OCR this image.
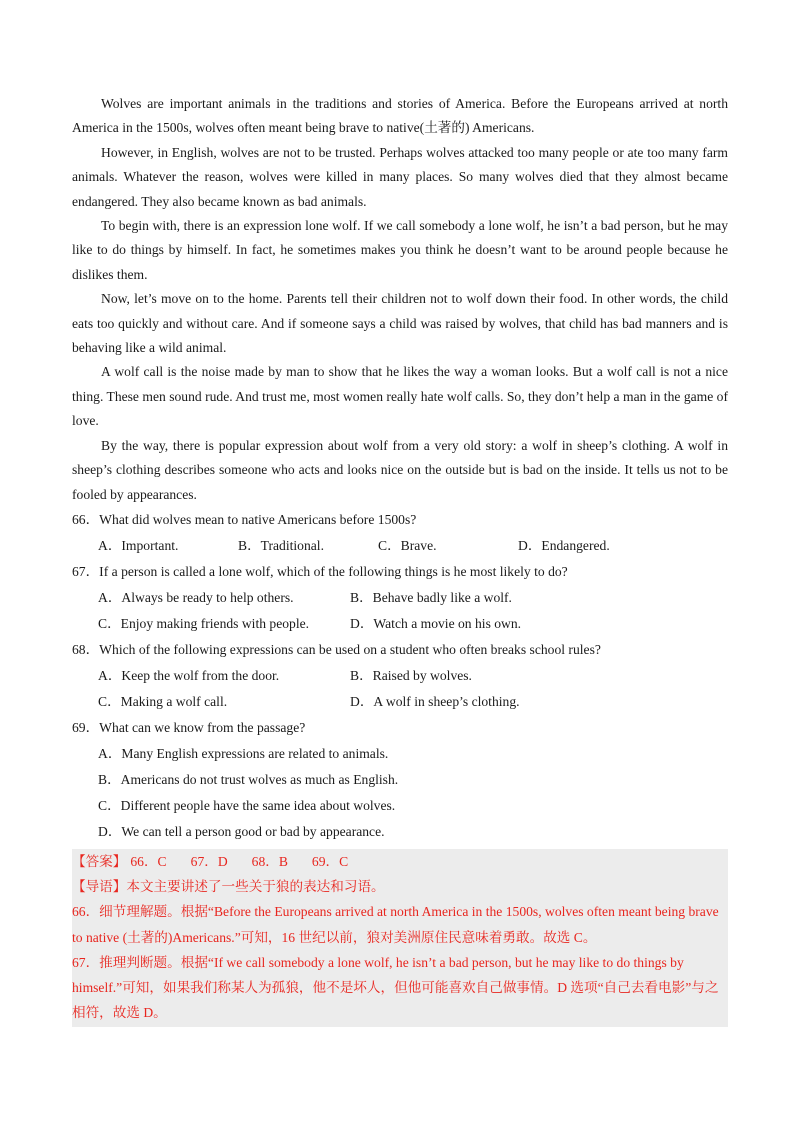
Wolves are important animals in the traditions and stories of America. Before the Europeans arrived at north America in the 1500s, wolves often meant being brave to native(土著的) Americans.

However, in English, wolves are not to be trusted. Perhaps wolves attacked too many people or ate too many farm animals. Whatever the reason, wolves were killed in many places. So many wolves died that they almost became endangered. They also became known as bad animals.

To begin with, there is an expression lone wolf. If we call somebody a lone wolf, he isn’t a bad person, but he may like to do things by himself. In fact, he sometimes makes you think he doesn’t want to be around people because he dislikes them.

Now, let’s move on to the home. Parents tell their children not to wolf down their food. In other words, the child eats too quickly and without care. And if someone says a child was raised by wolves, that child has bad manners and is behaving like a wild animal.

A wolf call is the noise made by man to show that he likes the way a woman looks. But a wolf call is not a nice thing. These men sound rude. And trust me, most women really hate wolf calls. So, they don’t help a man in the game of love.

By the way, there is popular expression about wolf from a very old story: a wolf in sheep’s clothing. A wolf in sheep’s clothing describes someone who acts and looks nice on the outside but is bad on the inside. It tells us not to be fooled by appearances.

66．What did wolves mean to native Americans before 1500s?

A．Important.	B．Traditional.	C．Brave.	D．Endangered.

67．If a person is called a lone wolf, which of the following things is he most likely to do?

A．Always be ready to help others.	B．Behave badly like a wolf.
C．Enjoy making friends with people.	D．Watch a movie on his own.

68．Which of the following expressions can be used on a student who often breaks school rules?

A．Keep the wolf from the door.	B．Raised by wolves.
C．Making a wolf call.	D．A wolf in sheep’s clothing.

69．What can we know from the passage?

A．Many English expressions are related to animals.
B．Americans do not trust wolves as much as English.
C．Different people have the same idea about wolves.
D．We can tell a person good or bad by appearance.
【答案】 66．C 67．D 68．B 69．C
【导语】本文主要讲述了一些关于狼的表达和习语。
66．细节理解题。根据“Before the Europeans arrived at north America in the 1500s, wolves often meant being brave to native (土著的)Americans.”可知，16 世纪以前，狼对美洲原住民意味着勇敢。故选 C。
67．推理判断题。根据“If we call somebody a lone wolf, he isn’t a bad person, but he may like to do things by himself.”可知，如果我们称某人为孤狼，他不是坏人，但他可能喜欢自己做事情。D 选项“自己去看电影”与之相符，故选 D。
